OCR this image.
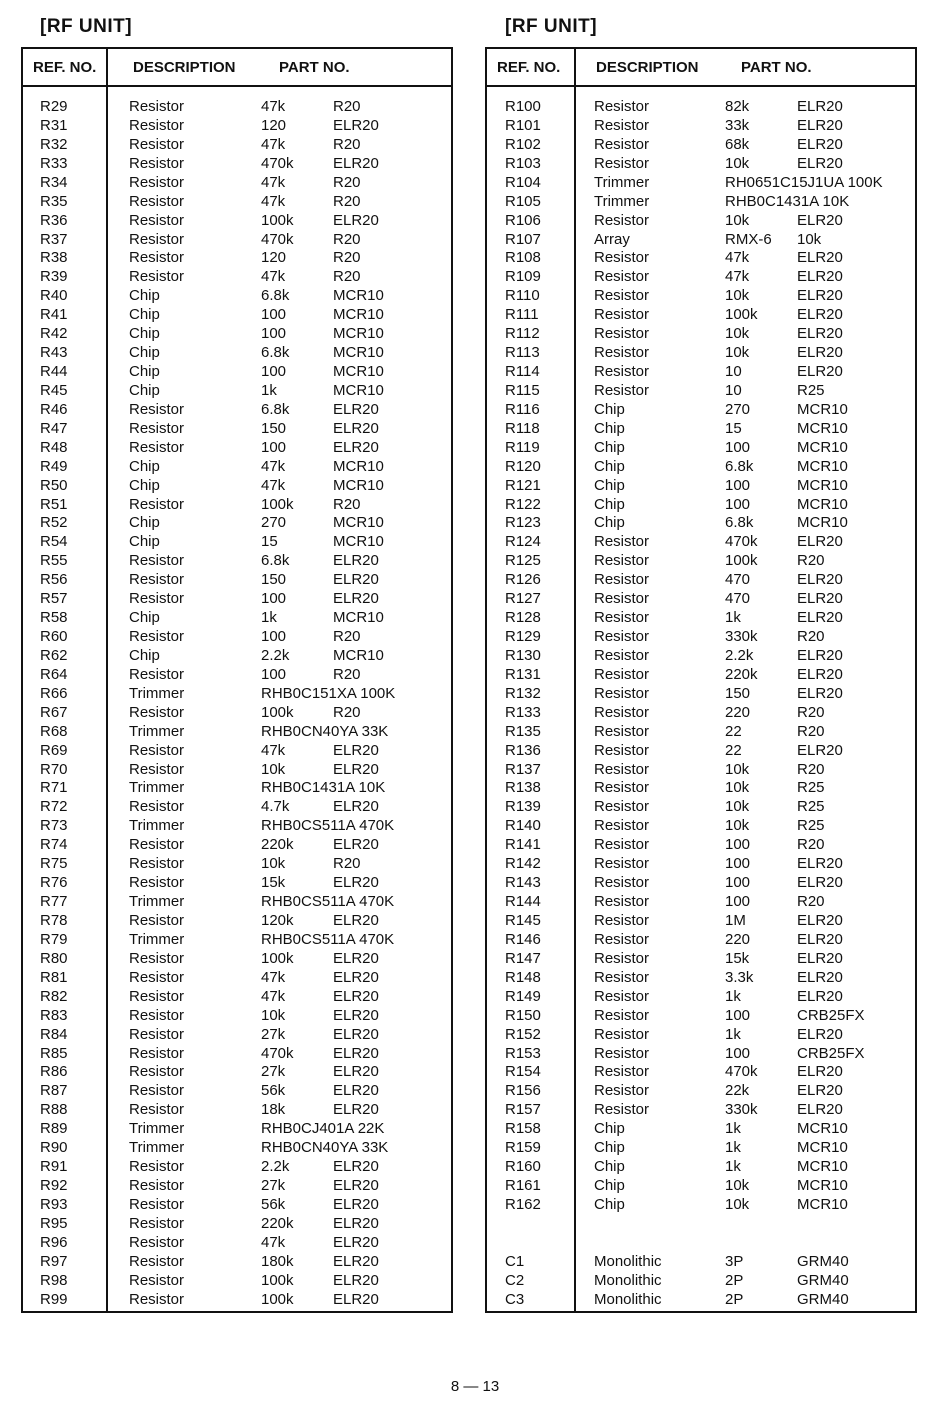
[RF UNIT]
REF. NO. DESCRIPTION	PART NO.
R29	Resistor	47k	R20
R31	Resistor	120	ELR20
R32	Resistor	47k	R20
R33	Resistor	470k	ELR20
R34	Resistor	47k	R20
R35	Resistor	47k	R20
R36	Resistor	100k	ELR20
R37	Resistor	470k	R20
R38	Resistor	120	R20
R39	Resistor	47k	R20
R40	Chip	6.8k	MCR10
R41	Chip	100	MCR10
R42	Chip	100	MCR10
R43	Chip	6.8k	MCR10
R44	Chip	100	MCR10
R45	Chip	1k	MCR10
R46	Resistor	6.8k	ELR20
R47	Resistor	150	ELR20
R48	Resistor	100	ELR20
R49	Chip	47k	MCR10
R50	Chip	47k	MCR10
R51	Resistor	100k	R20
R52	Chip	270	MCR10
R54	Chip	15	MCR10
R55	Resistor	6.8k	ELR20
R56	Resistor	150	ELR20
R57	Resistor	100	ELR20
R58	Chip	1k	MCR10
R60	Resistor	100	R20
R62	Chip	2.2k	MCR10
R64	Resistor	100	R20
R66	Trimmer	RHB0C151XA 100K
R67	Resistor	100k	R20
R68	Trimmer	RHB0CN40YA 33K
R69	Resistor	47k	ELR20
R70	Resistor	10k	ELR20
R71	Trimmer	RHB0C1431A 10K
R72	Resistor	4.7k	ELR20
R73	Trimmer	RHB0CS511A 470K
R74	Resistor	220k	ELR20
R75	Resistor	10k	R20
R76	Resistor	15k	ELR20
R77	Trimmer	RHB0CS511A 470K
R78	Resistor	120k	ELR20
R79	Trimmer	RHB0CS511A 470K
R80	Resistor	100k	ELR20
R81	Resistor	47k	ELR20
R82	Resistor	47k	ELR20
R83	Resistor	10k	ELR20
R84	Resistor	27k	ELR20
R85	Resistor	470k	ELR20
R86	Resistor	27k	ELR20
R87	Resistor	56k	ELR20
R88	Resistor	18k	ELR20
R89	Trimmer	RHB0CJ401A 22K
R90	Trimmer	RHB0CN40YA 33K
R91	Resistor	2.2k	ELR20
R92	Resistor	27k	ELR20
R93	Resistor	56k	ELR20
R95	Resistor	220k	ELR20
R96	Resistor	47k	ELR20
R97	Resistor	180k	ELR20
R98	Resistor	100k	ELR20
R99	Resistor	100k	ELR20
[RF UNIT]
REF. NO. DESCRIPTION	PART NO.
R100	Resistor	82k	ELR20
R101	Resistor	33k	ELR20
R102	Resistor	68k	ELR20
R103	Resistor	10k	ELR20
R104	Trimmer	RH0651C15J1UA 100K
R105	Trimmer	RHB0C1431A 10K
R106	Resistor	10k	ELR20
R107	Array	RMX-6 10k
R108	Resistor	47k	ELR20
R109	Resistor	47k	ELR20
R110	Resistor	10k	ELR20
R111	Resistor	100k	ELR20
R112	Resistor	10k	ELR20
R113	Resistor	10k	ELR20
R114	Resistor	10	ELR20
R115	Resistor	10	R25
R116	Chip	270	MCR10
R118	Chip	15	MCR10
R119	Chip	100	MCR10
R120	Chip	6.8k	MCR10
R121	Chip	100	MCR10
R122	Chip	100	MCR10
R123	Chip	6.8k	MCR10
R124	Resistor	470k	ELR20
R125	Resistor	100k	R20
R126	Resistor	470	ELR20
R127	Resistor	470	ELR20
R128	Resistor	1k	ELR20
R129	Resistor	330k	R20
R130	Resistor	2.2k	ELR20
R131	Resistor	220k	ELR20
R132	Resistor	150	ELR20
R133	Resistor	220	R20
R135	Resistor	22	R20
R136	Resistor	22	ELR20
R137	Resistor	10k	R20
R138	Resistor	10k	R25
R139	Resistor	10k	R25
R140	Resistor	10k	R25
R141	Resistor	100	R20
R142	Resistor	100	ELR20
R143	Resistor	100	ELR20
R144	Resistor	100	R20
R145	Resistor	1M	ELR20
R146	Resistor	220	ELR20
R147	Resistor	15k	ELR20
R148	Resistor	3.3k	ELR20
R149	Resistor	1k	ELR20
R150	Resistor	100	CRB25FX
R152	Resistor	1k	ELR20
R153	Resistor	100	CRB25FX
R154	Resistor	470k	ELR20
R156	Resistor	22k	ELR20
R157	Resistor	330k	ELR20
R158	Chip	1k	MCR10
R159	Chip	1k	MCR10
R160	Chip	1k	MCR10
R161	Chip	10k	MCR10
R162	Chip	10k	MCR10
C1	Monolithic	3P	GRM40
C2	Monolithic	2P	GRM40
C3	Monolithic	2P	GRM40
8 — 13
